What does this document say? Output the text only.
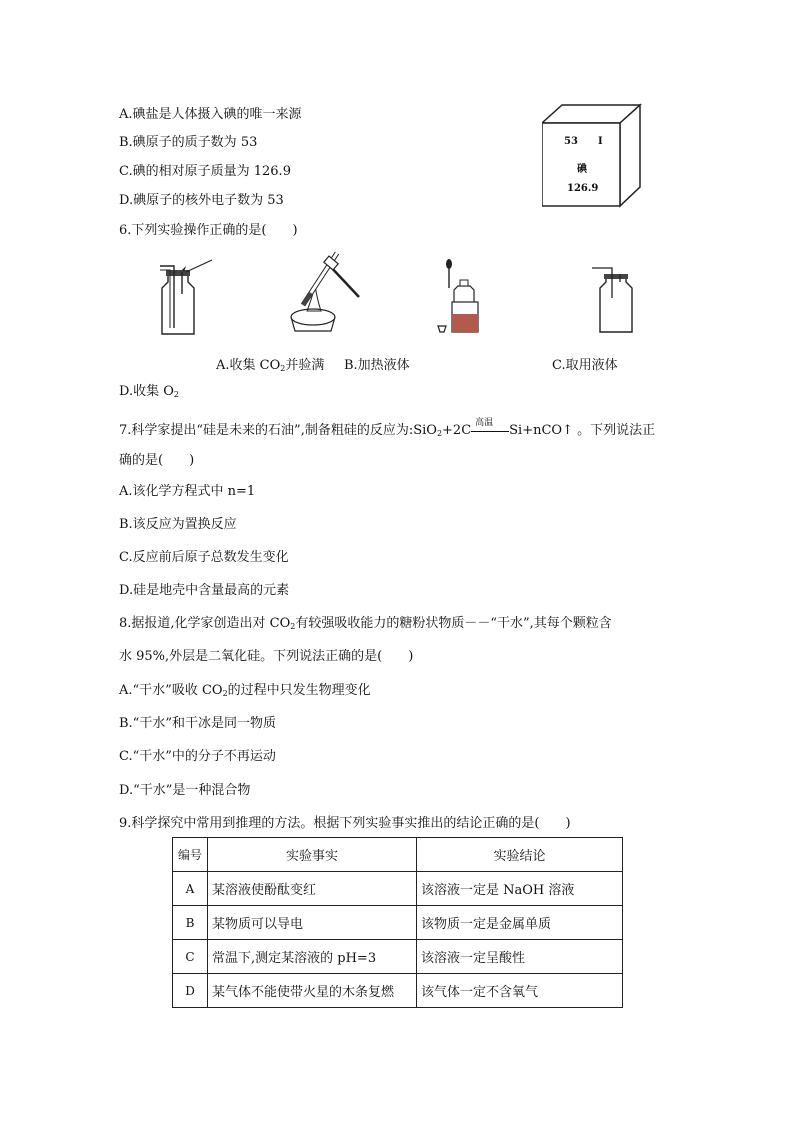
A.碘盐是人体摄入碘的唯一来源
B.碘原子的质子数为 53
C.碘的相对原子质量为 126.9
D.碘原子的核外电子数为 53
53 I
碘
126.9
6.下列实验操作正确的是(　　)
A.收集 $CO_2$并验满 B.加热液体	C.取用液体
D.收集 $O_2$
7.科学家提出“硅是未来的石油”,制备粗硅的反应为:SiO$_2$+2C 高温 Si+nCO↑ 。下列说法正
确的是(　　)
A.该化学方程式中 n=1
B.该反应为置换反应
C.反应前后原子总数发生变化
D.硅是地壳中含量最高的元素
8.据报道,化学家创造出对 $CO_2$有较强吸收能力的糖粉状物质－－“干水”,其每个颗粒含
水 95%,外层是二氧化硅。下列说法正确的是(　　)
A.“干水”吸收 $CO_2$的过程中只发生物理变化
B.“干水”和干冰是同一物质
C.“干水”中的分子不再运动
D.“干水”是一种混合物
9.科学探究中常用到推理的方法。根据下列实验事实推出的结论正确的是(　　)
编号	实验事实	实验结论
A	某溶液使酚酞变红	该溶液一定是 NaOH 溶液
B	某物质可以导电	该物质一定是金属单质
C	常温下,测定某溶液的 pH=3	该溶液一定呈酸性
D	某气体不能使带火星的木条复燃	该气体一定不含氧气
